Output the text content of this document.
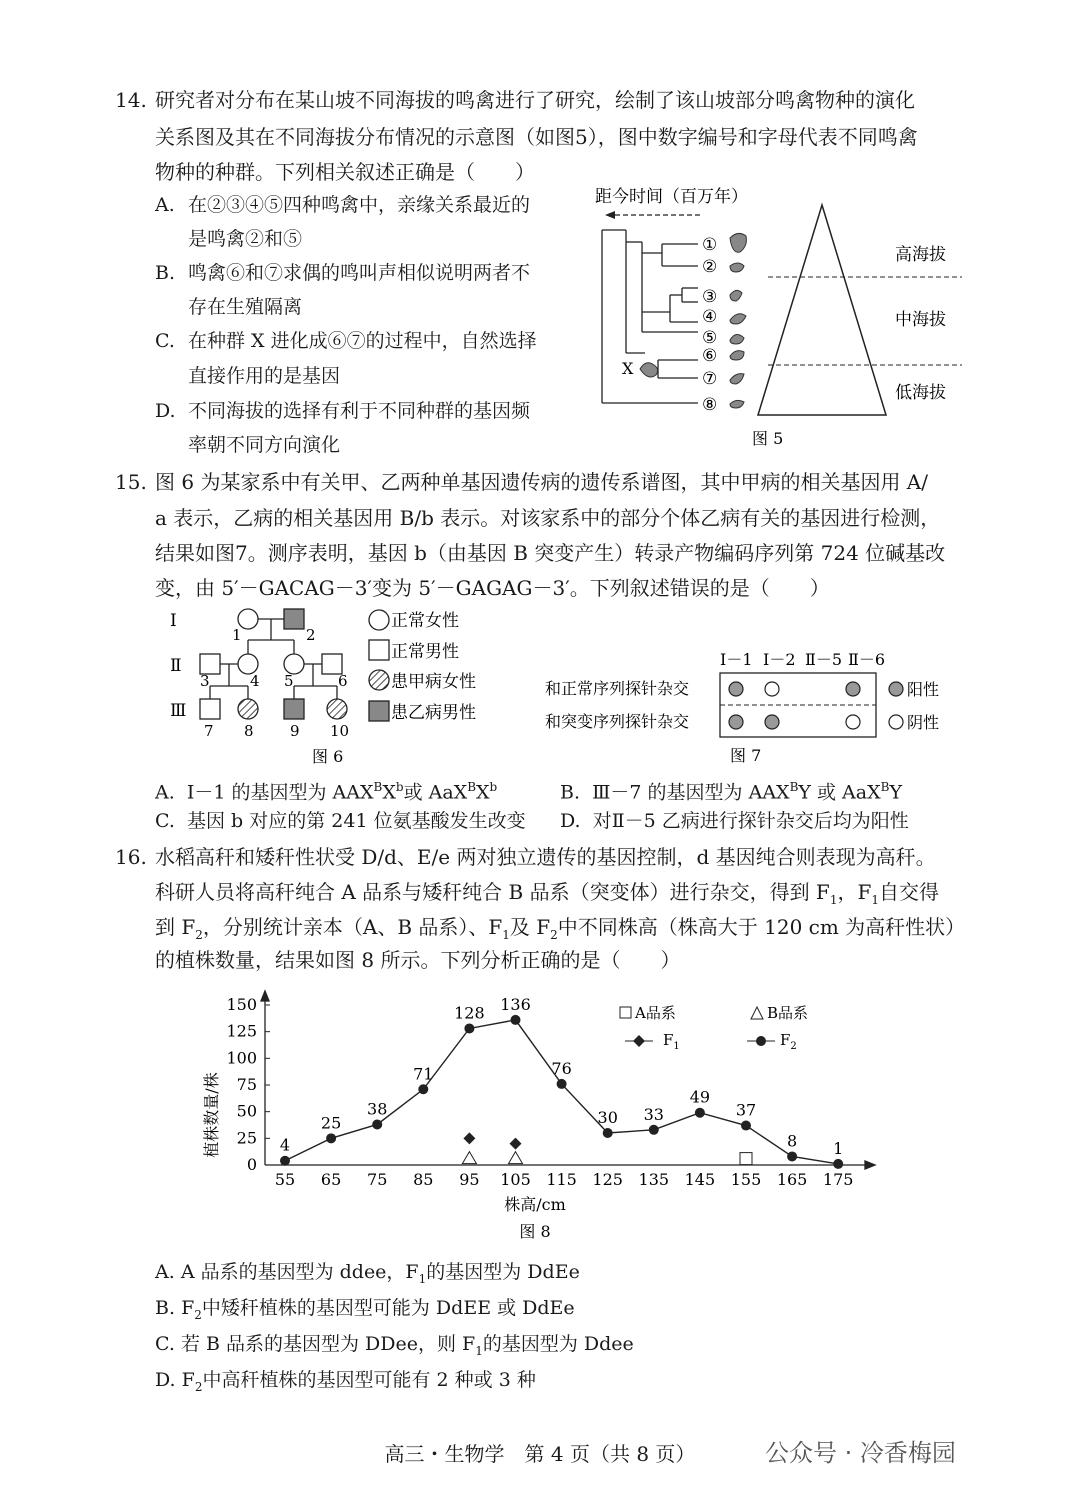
14. 研究者对分布在某山坡不同海拔的鸣禽进行了研究，绘制了该山坡部分鸣禽物种的演化
关系图及其在不同海拔分布情况的示意图（如图5），图中数字编号和字母代表不同鸣禽
物种的种群。下列相关叙述正确是（　　）
A. 在②③④⑤四种鸣禽中，亲缘关系最近的
是鸣禽②和⑤
B. 鸣禽⑥和⑦求偶的鸣叫声相似说明两者不
存在生殖隔离
C. 在种群 X 进化成⑥⑦的过程中，自然选择
直接作用的是基因
D. 不同海拔的选择有利于不同种群的基因频
率朝不同方向演化
距今时间（百万年）
X
①
②
③
④
⑤
⑥
⑦
⑧
高海拔
中海拔
低海拔
图 5
15. 图 6 为某家系中有关甲、乙两种单基因遗传病的遗传系谱图，其中甲病的相关基因用 A/
a 表示，乙病的相关基因用 B/b 表示。对该家系中的部分个体乙病有关的基因进行检测，
结果如图7。测序表明，基因 b（由基因 B 突变产生）转录产物编码序列第 724 位碱基改
变，由 5′－GACAG－3′变为 5′－GAGAG－3′。下列叙述错误的是（　　）
Ⅰ
Ⅱ
Ⅲ
1	2
3	4 5	6
7 8 9 10
正常女性
正常男性
患甲病女性
患乙病男性
图 6
Ⅰ－1 Ⅰ－2 Ⅱ－5 Ⅱ－6
和正常序列探针杂交
和突变序列探针杂交
阳性
阴性
图 7
A. Ⅰ－1 的基因型为 $AAX^BX^b$或 $AaX^BX^b$	B. Ⅲ－7 的基因型为 $AAX^BY$ 或 AaX$^B$Y
C. 基因 b 对应的第 241 位氨基酸发生改变 D. 对Ⅱ－5 乙病进行探针杂交后均为阳性
16. 水稻高秆和矮秆性状受 D/d、E/e 两对独立遗传的基因控制，d 基因纯合则表现为高秆。
科研人员将高秆纯合 A 品系与矮秆纯合 B 品系（突变体）进行杂交，得到 $F_1$，$F_1$自交得
到 $F_2$，分别统计亲本（A、B 品系）、$F_1$及 $F_2$中不同株高（株高大于 120 cm 为高秆性状）
的植株数量，结果如图 8 所示。下列分析正确的是（　　）
植株数量/株
0
25
50
75
100
125
150
55 65 75 85 95 105 115 125 135 145 155 165 175
4
25
38
71
128 136
76
30 33
49
37
8 1
A品系	B品系
$F_1$	$F_2$
株高/cm
图 8
A. A 品系的基因型为 ddee，$F_1$的基因型为 DdEe
B. $F_2$中矮秆植株的基因型可能为 DdEE 或 DdEe
C. 若 B 品系的基因型为 DDee，则 $F_1$的基因型为 Ddee
D. $F_2$中高秆植株的基因型可能有 2 种或 3 种
高三・生物学　第 4 页（共 8 页）	公众号 · 冷香梅园
